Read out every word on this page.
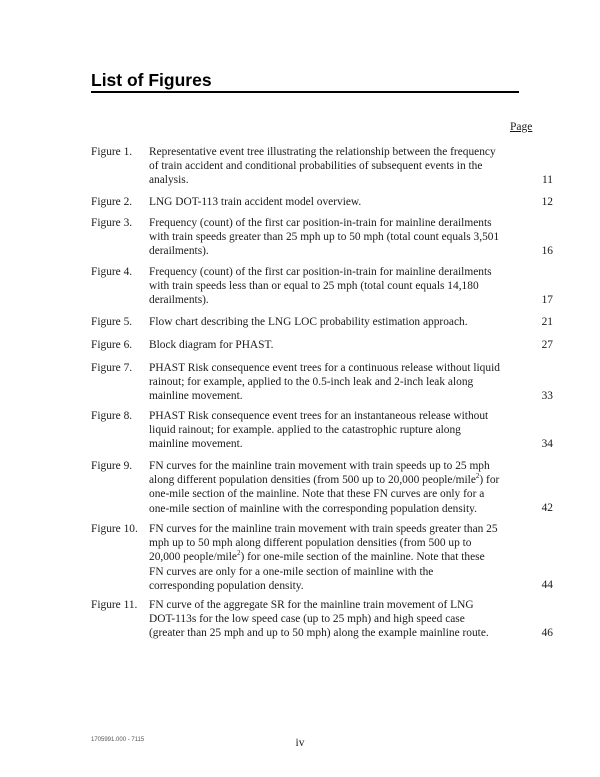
List of Figures
Page
Figure 1.	Representative event tree illustrating the relationship between the frequency
of train accident and conditional probabilities of subsequent events in the
analysis.	11
Figure 2.	LNG DOT-113 train accident model overview.	12
Figure 3.	Frequency (count) of the first car position-in-train for mainline derailments
with train speeds greater than 25 mph up to 50 mph (total count equals 3,501
derailments).	16
Figure 4.	Frequency (count) of the first car position-in-train for mainline derailments
with train speeds less than or equal to 25 mph (total count equals 14,180
derailments).	17
Figure 5.	Flow chart describing the LNG LOC probability estimation approach.	21
Figure 6.	Block diagram for PHAST.	27
Figure 7.	PHAST Risk consequence event trees for a continuous release without liquid
rainout; for example, applied to the 0.5-inch leak and 2-inch leak along
mainline movement.	33
Figure 8.	PHAST Risk consequence event trees for an instantaneous release without
liquid rainout; for example. applied to the catastrophic rupture along
mainline movement.	34
Figure 9.	FN curves for the mainline train movement with train speeds up to 25 mph
along different population densities (from 500 up to 20,000 people/mile$^2$) for
one-mile section of the mainline. Note that these FN curves are only for a
one-mile section of mainline with the corresponding population density.	42
Figure 10. FN curves for the mainline train movement with train speeds greater than 25
mph up to 50 mph along different population densities (from 500 up to
20,000 people/mile$^2$) for one-mile section of the mainline. Note that these
FN curves are only for a one-mile section of mainline with the
corresponding population density.	44
Figure 11.	FN curve of the aggregate SR for the mainline train movement of LNG
DOT-113s for the low speed case (up to 25 mph) and high speed case
(greater than 25 mph and up to 50 mph) along the example mainline route.	46
1705991.000 - 7115	iv
